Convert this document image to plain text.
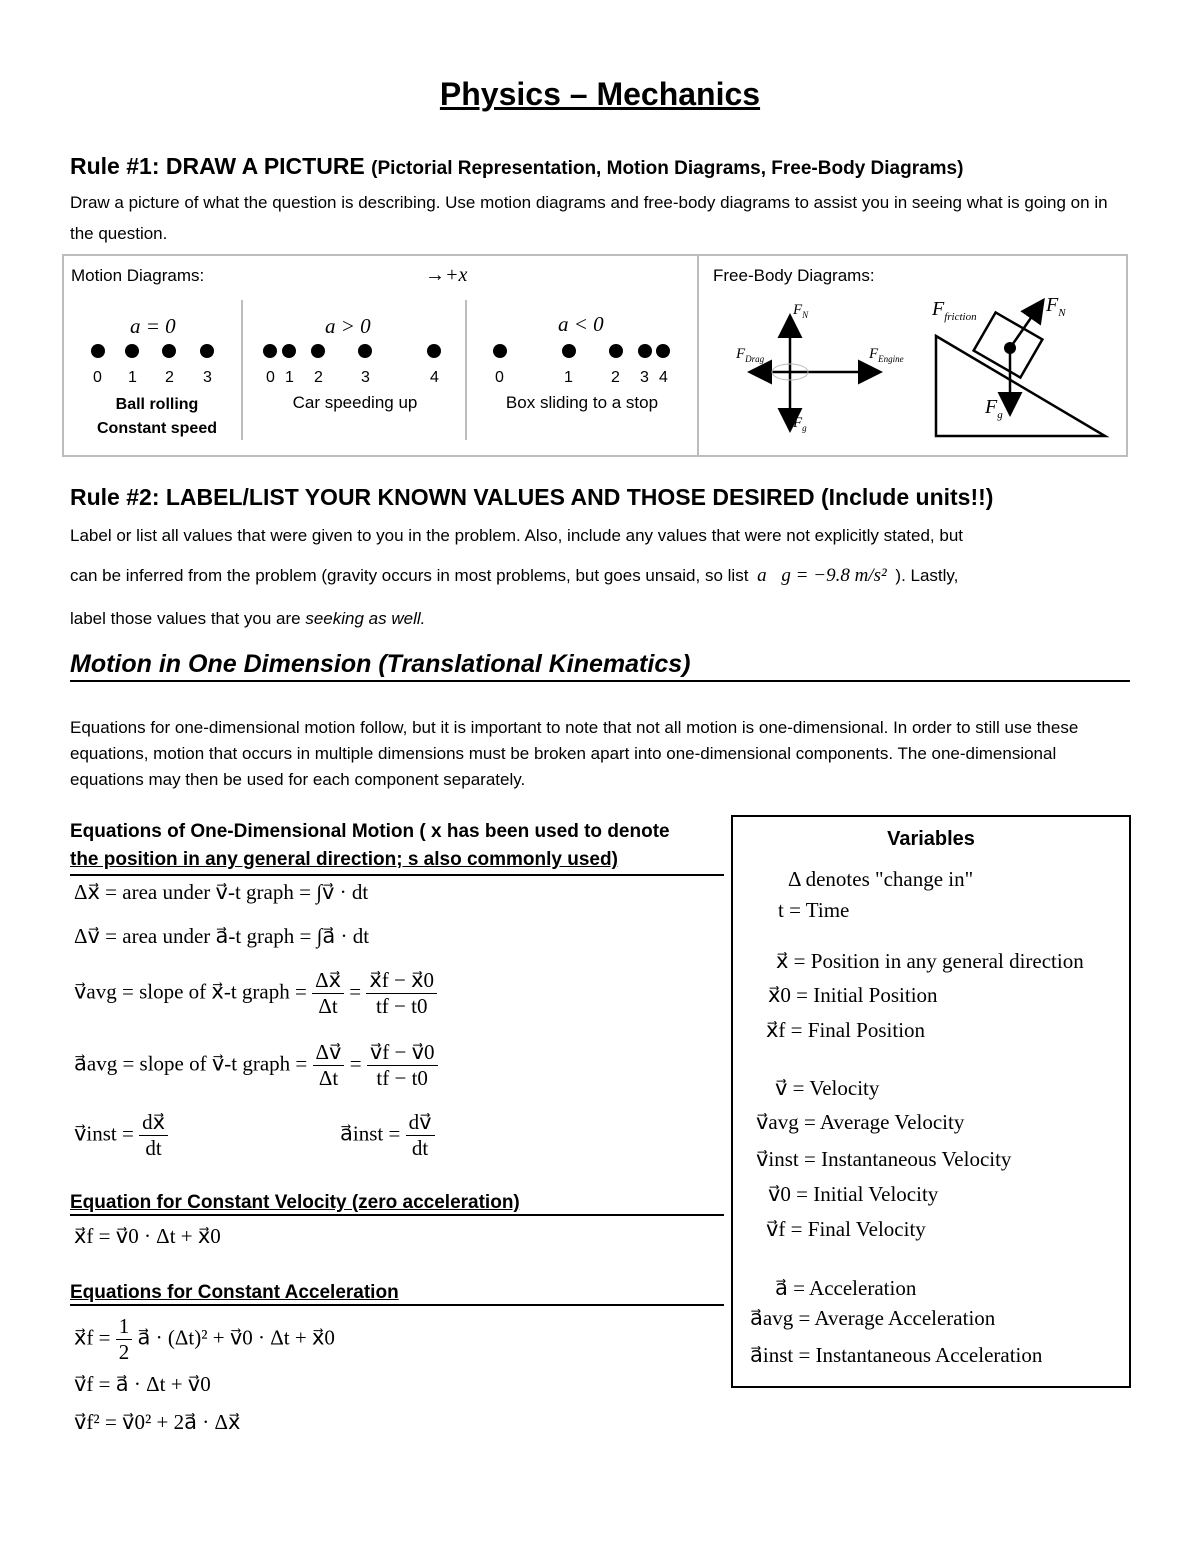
Physics – Mechanics
Rule #1: DRAW A PICTURE (Pictorial Representation, Motion Diagrams, Free-Body Diagrams)
Draw a picture of what the question is describing. Use motion diagrams and free-body diagrams to assist you in seeing what is going on in the question.
Motion Diagrams:	→+x	Free-Body Diagrams:
a = 0
0 1 2 3
Ball rolling
Constant speed
a > 0
0 1 2 3	4
Car speeding up
a < 0
0	1 2 3 4
Box sliding to a stop
$F_N$
$F_{Drag}$	$F_{Engine}$
$F_g$
$F_{friction}$
$F_N$
$F_g$
Rule #2: LABEL/LIST YOUR KNOWN VALUES AND THOSE DESIRED (Include units!!)
Label or list all values that were given to you in the problem. Also, include any values that were not explicitly stated, but
can be inferred from the problem (gravity occurs in most problems, but goes unsaid, so list a⃗g = −9.8 m/s² ). Lastly,
label those values that you are seeking as well.
Motion in One Dimension (Translational Kinematics)
Equations for one-dimensional motion follow, but it is important to note that not all motion is one-dimensional. In order to still use these equations, motion that occurs in multiple dimensions must be broken apart into one-dimensional components. The one-dimensional equations may then be used for each component separately.
Equations of One-Dimensional Motion ( x has been used to denote
the position in any general direction; s also commonly used)
Δx⃗ = area under v⃗-t graph = ∫v⃗ · dt
Δv⃗ = area under a⃗-t graph = ∫a⃗ · dt
v⃗avg = slope of x⃗-t graph = $\frac{\Delta x⃗}{\Delta t} = \frac{x⃗f - x⃗0}{tf - t0}$
a⃗avg = slope of v⃗-t graph = $\frac{\Delta v⃗}{\Delta t} = \frac{v⃗f - v⃗0}{tf - t0}$
v⃗inst = $\frac{dx⃗}{dt}$	a⃗inst = $\frac{dv⃗}{dt}$
Equation for Constant Velocity (zero acceleration)
x⃗f = v⃗0 · Δt + x⃗0
Equations for Constant Acceleration
x⃗f = $\frac{1}{2}$ a⃗ · (Δt)² + v⃗0 · Δt + x⃗0
v⃗f = a⃗ · Δt + v⃗0
v⃗f² = v⃗0² + 2a⃗ · Δx⃗
Variables
Δ denotes "change in"
t = Time
x⃗ = Position in any general direction
x⃗0 = Initial Position
x⃗f = Final Position
v⃗ = Velocity
v⃗avg = Average Velocity
v⃗inst = Instantaneous Velocity
v⃗0 = Initial Velocity
v⃗f = Final Velocity
a⃗ = Acceleration
a⃗avg = Average Acceleration
a⃗inst = Instantaneous Acceleration
